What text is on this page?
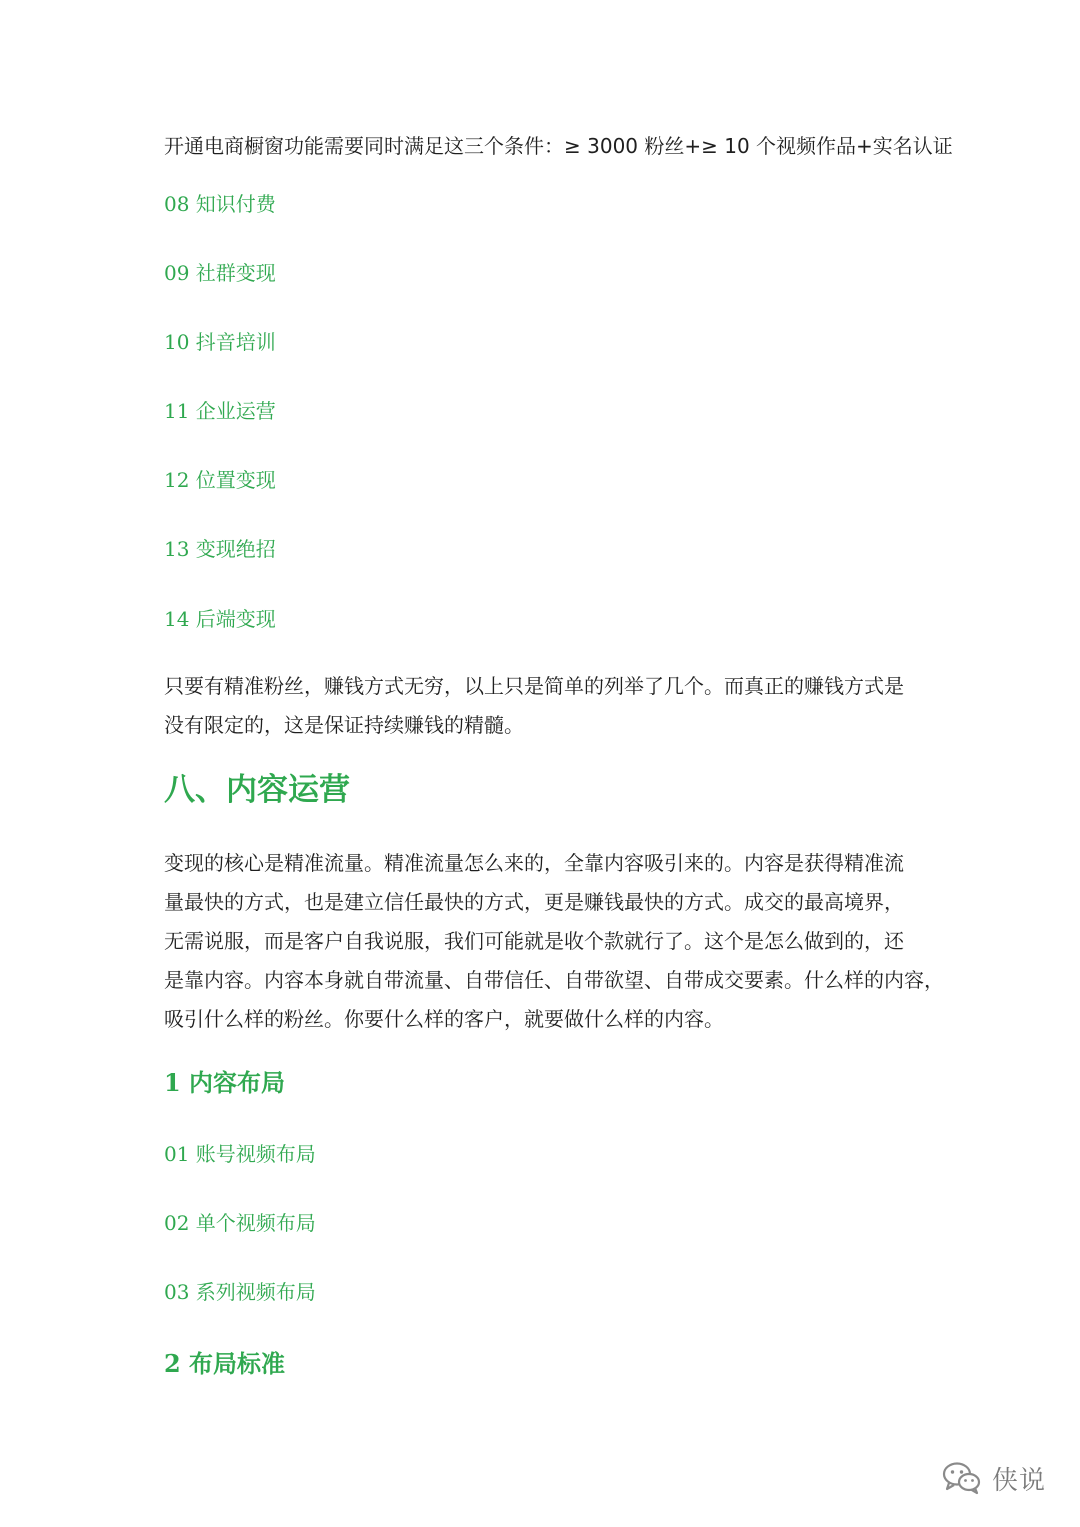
开通电商橱窗功能需要同时满足这三个条件：≥ 3000 粉丝+≥ 10 个视频作品+实名认证

08 知识付费

09 社群变现

10 抖音培训

11 企业运营

12 位置变现

13 变现绝招

14 后端变现

只要有精准粉丝，赚钱方式无穷，以上只是简单的列举了几个。而真正的赚钱方式是
没有限定的，这是保证持续赚钱的精髓。
八、内容运营
变现的核心是精准流量。精准流量怎么来的，全靠内容吸引来的。内容是获得精准流
量最快的方式，也是建立信任最快的方式，更是赚钱最快的方式。成交的最高境界，
无需说服，而是客户自我说服，我们可能就是收个款就行了。这个是怎么做到的，还
是靠内容。内容本身就自带流量、自带信任、自带欲望、自带成交要素。什么样的内容，
吸引什么样的粉丝。你要什么样的客户，就要做什么样的内容。
1 内容布局

01 账号视频布局

02 单个视频布局

03 系列视频布局

2 布局标准
侠说
